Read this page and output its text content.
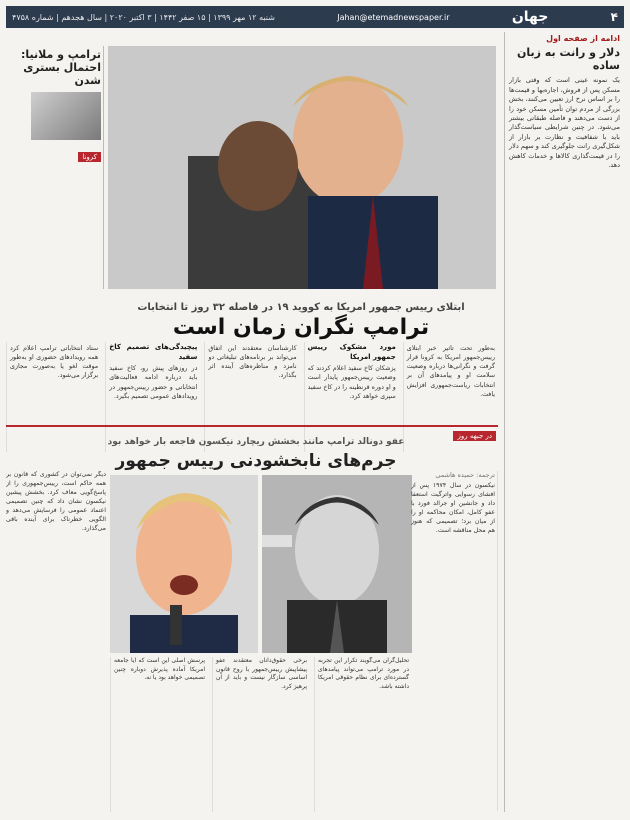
۴
جهان
Jahan@etemadnewspaper.ir
شنبه ۱۲ مهر ۱۳۹۹ | ۱۵ صفر ۱۴۴۲ | ۳ اکتبر ۲۰۲۰ | سال هجدهم | شماره ۴۷۵۸
ادامه از صفحه اول
دلار و رانت به زبان ساده
یک نمونه عینی است که وقتی بازار مسکن پس از فروش، اجاره‌بها و قیمت‌ها را بر اساس نرخ ارز تعیین می‌کنند، بخش بزرگی از مردم توان تأمین مسکن خود را از دست می‌دهند و فاصله طبقاتی بیشتر می‌شود. در چنین شرایطی سیاست‌گذار باید با شفافیت و نظارت بر بازار از شکل‌گیری رانت جلوگیری کند و سهم دلار را در قیمت‌گذاری کالاها و خدمات کاهش دهد.
ترامپ و ملانیا: احتمال بستری شدن
کرونا
ابتلای رییس جمهور امریکا به کووید ۱۹ در فاصله ۳۲ روز تا انتخابات
ترامپ نگران زمان است
به‌طور تحت تاثیر خبر ابتلای رییس‌جمهور امریکا به کرونا قرار گرفت و نگرانی‌ها درباره وضعیت سلامت او و پیامدهای آن بر انتخابات ریاست‌جمهوری افزایش یافت.
مورد مشکوک رییس جمهور امریکا
پزشکان کاخ سفید اعلام کردند که وضعیت رییس‌جمهور پایدار است و او دوره قرنطینه را در کاخ سفید سپری خواهد کرد.
کارشناسان معتقدند این اتفاق می‌تواند بر برنامه‌های تبلیغاتی دو نامزد و مناظره‌های آینده اثر بگذارد.
پیچیدگی‌های تصمیم کاخ سفید
در روزهای پیش رو، کاخ سفید باید درباره ادامه فعالیت‌های انتخاباتی و حضور رییس‌جمهور در رویدادهای عمومی تصمیم بگیرد.
ستاد انتخاباتی ترامپ اعلام کرد همه رویدادهای حضوری او به‌طور موقت لغو یا به‌صورت مجازی برگزار می‌شود.
در جبهه روز
عفو دونالد ترامپ مانند بخشش ریچارد نیکسون فاجعه بار خواهد بود
جرم‌های نابخشودنی رییس جمهور
دیگر نمی‌توان در کشوری که قانون بر همه حاکم است، رییس‌جمهوری را از پاسخ‌گویی معاف کرد. بخشش پیشین نیکسون نشان داد که چنین تصمیمی اعتماد عمومی را فرسایش می‌دهد و الگویی خطرناک برای آینده باقی می‌گذارد.
ترجمه: حمیده هاشمی
نیکسون در سال ۱۹۷۴ پس از افشای رسوایی واترگیت استعفا داد و جانشین او جرالد فورد با عفو کامل، امکان محاکمه او را از میان برد؛ تصمیمی که هنوز هم محل مناقشه است.
تحلیل‌گران می‌گویند تکرار این تجربه در مورد ترامپ می‌تواند پیامدهای گسترده‌ای برای نظام حقوقی امریکا داشته باشد.
برخی حقوق‌دانان معتقدند عفو پیشاپیش رییس‌جمهور با روح قانون اساسی سازگار نیست و باید از آن پرهیز کرد.
پرسش اصلی این است که آیا جامعه امریکا آماده پذیرش دوباره چنین تصمیمی خواهد بود یا نه.
